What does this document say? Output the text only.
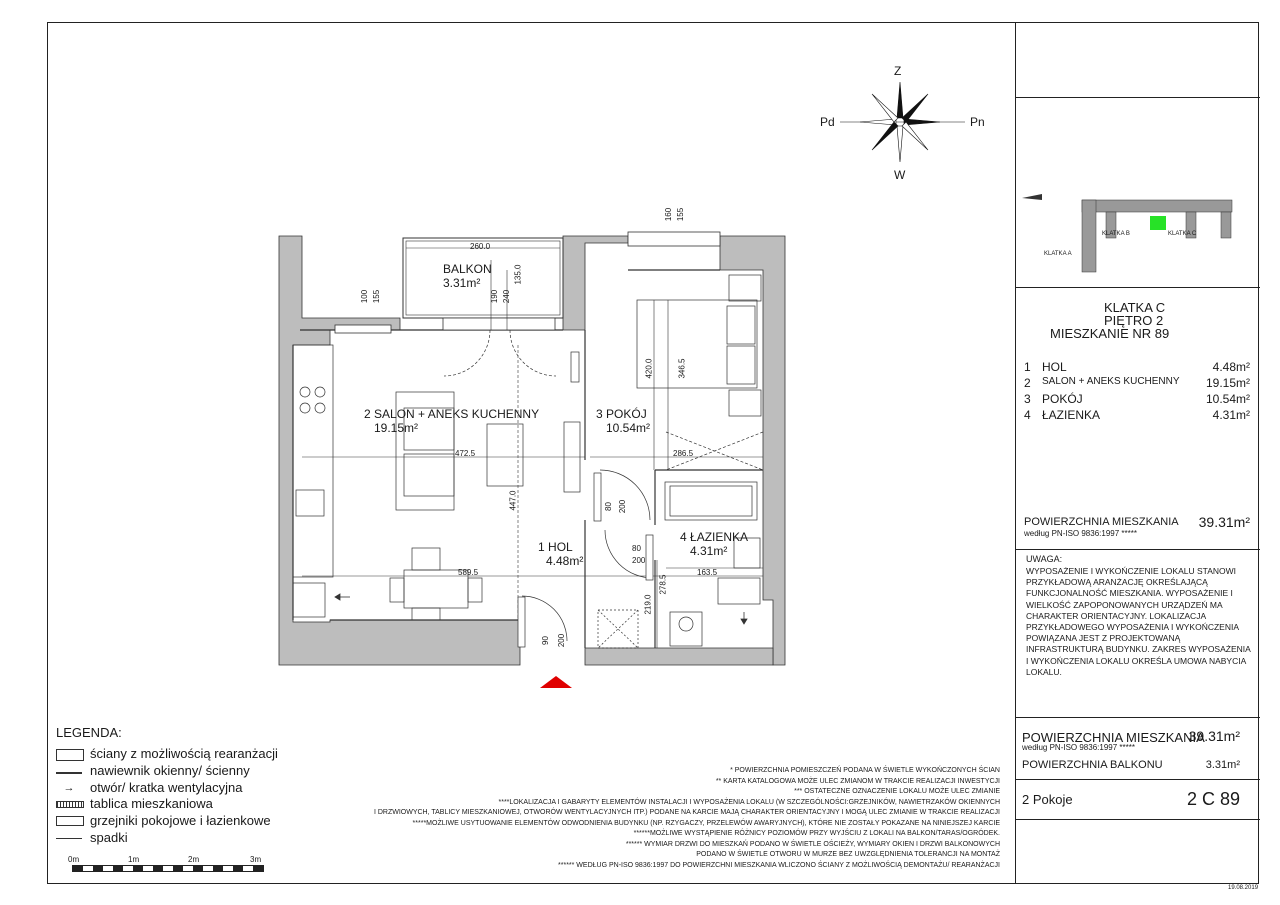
Z
W
Pn
Pd
BALKON
3.31m²
2 SALON + ANEKS KUCHENNY
19.15m²
3 POKÓJ
10.54m²
1 HOL
4.48m²
4 ŁAZIENKA
4.31m²
260.0
472.5	286.5
589.5	163.5
80
200
100 155	190 240
135.0
160 155
420.0	346.5
447.0	80 200
278.5
219.0
90 200
LEGENDA:
ściany z możliwością rearanżacji
nawiewnik okienny/ ścienny
→	otwór/ kratka wentylacyjna
tablica mieszkaniowa
grzejniki pokojowe i łazienkowe
spadki
0m	1m	2m	3m
* POWIERZCHNIA POMIESZCZEŃ PODANA W ŚWIETLE WYKOŃCZONYCH ŚCIAN
** KARTA KATALOGOWA MOŻE ULEC ZMIANOM W TRAKCIE REALIZACJI INWESTYCJI
*** OSTATECZNE OZNACZENIE LOKALU MOŻE ULEC ZMIANIE
****LOKALIZACJA I GABARYTY ELEMENTÓW INSTALACJI I WYPOSAŻENIA LOKALU (W SZCZEGÓLNOŚCI:GRZEJNIKÓW, NAWIETRZAKÓW OKIENNYCH
I DRZWIOWYCH, TABLICY MIESZKANIOWEJ, OTWORÓW WENTYLACYJNYCH ITP.) PODANE NA KARCIE MAJĄ CHARAKTER ORIENTACYJNY I MOGĄ ULEC ZMIANIE W TRAKCIE REALIZACJI
*****MOŻLIWE USYTUOWANIE ELEMENTÓW ODWODNIENIA BUDYNKU (NP. RZYGACZY, PRZELEWÓW AWARYJNYCH), KTÓRE NIE ZOSTAŁY POKAZANE NA NINIEJSZEJ KARCIE
******MOŻLIWE WYSTĄPIENIE RÓŻNICY POZIOMÓW PRZY WYJŚCIU Z LOKALI NA BALKON/TARAS/OGRÓDEK.
****** WYMIAR DRZWI DO MIESZKAŃ PODANO W ŚWIETLE OŚCIEŻY, WYMIARY OKIEN I DRZWI BALKONOWYCH
PODANO W ŚWIETLE OTWORU W MURZE BEZ UWZGLĘDNIENIA TOLERANCJI NA MONTAŻ
****** WEDŁUG PN-ISO 9836:1997 DO POWIERZCHNI MIESZKANIA WLICZONO ŚCIANY Z MOŻLIWOŚCIĄ DEMONTAŻU/ REARANŻACJI
KLATKA B	KLATKA C
KLATKA A
KLATKA C
PIĘTRO 2
MIESZKANIE NR 89
1 HOL	4.48m²
2 SALON + ANEKS KUCHENNY 19.15m²
3 POKÓJ	10.54m²
4 ŁAZIENKA	4.31m²
POWIERZCHNIA MIESZKANIA
według PN-ISO 9836:1997 *****
39.31m²
UWAGA:
WYPOSAŻENIE I WYKOŃCZENIE LOKALU STANOWI
PRZYKŁADOWĄ ARANŻACJĘ OKREŚLAJĄCĄ
FUNKCJONALNOŚĆ MIESZKANIA. WYPOSAŻENIE I
WIELKOŚĆ ZAPOPONOWANYCH URZĄDZEŃ MA
CHARAKTER ORIENTACYJNY. LOKALIZACJA
PRZYKŁADOWEGO WYPOSAŻENIA I WYKOŃCZENIA
POWIĄZANA JEST Z PROJEKTOWANĄ
INFRASTRUKTURĄ BUDYNKU. ZAKRES WYPOSAŻENIA
I WYKOŃCZENIA LOKALU OKREŚLA UMOWA NABYCIA
LOKALU.
POWIERZCHNIA MIESZKANIA
39.31m²
według PN-ISO 9836:1997 *****
POWIERZCHNIA BALKONU	3.31m²
2 Pokoje	2 C 89
19.08.2019
